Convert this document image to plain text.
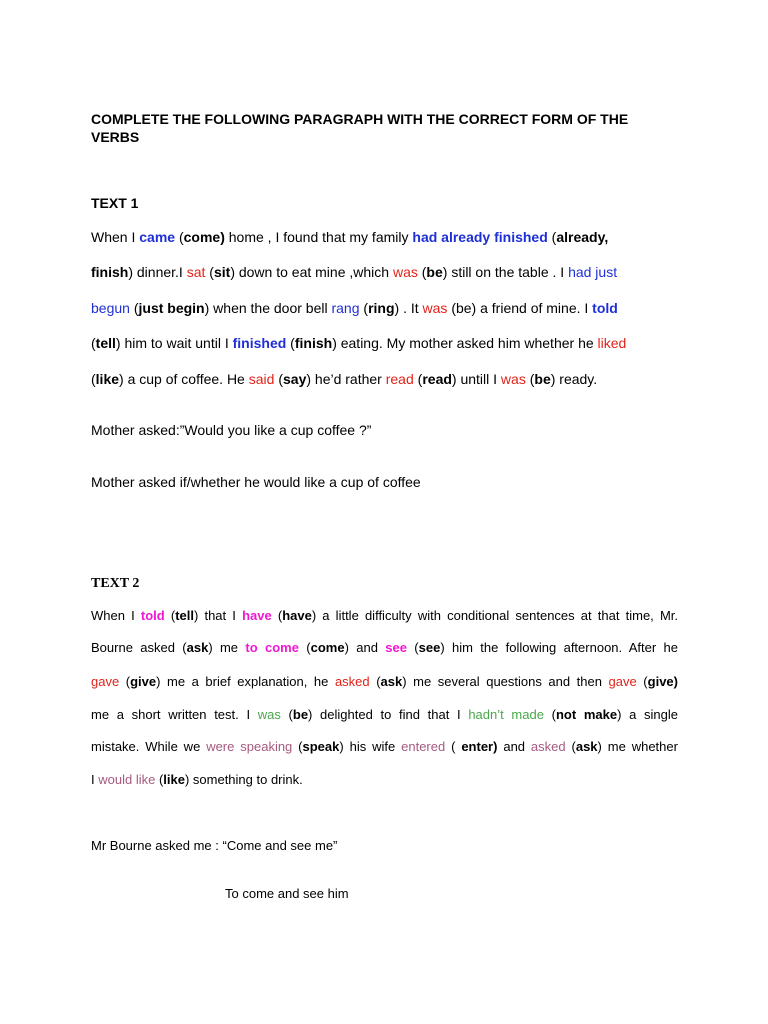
COMPLETE THE FOLLOWING PARAGRAPH WITH THE CORRECT FORM OF THE
VERBS
TEXT 1
When I came (come) home , I found that my family had already finished (already,
finish) dinner.I sat (sit) down to eat mine ,which was (be) still on the table . I had just
begun (just begin) when the door bell rang (ring) . It was (be) a friend of mine. I told
(tell) him to wait until I finished (finish) eating. My mother asked him whether he liked
(like) a cup of coffee. He said (say) he’d rather read (read) untill I was (be) ready.
Mother asked:”Would you like a cup coffee ?”
Mother asked if/whether he would like a cup of coffee
TEXT 2
When I told (tell) that I have (have) a little difficulty with conditional sentences at that time, Mr.
Bourne asked (ask) me to come (come) and see (see) him the following afternoon. After he
gave (give) me a brief explanation, he asked (ask) me several questions and then gave (give)
me a short written test. I was (be) delighted to find that I hadn’t made (not make) a single
mistake. While we were speaking (speak) his wife entered ( enter) and asked (ask) me whether
I would like (like) something to drink.
Mr Bourne asked me : “Come and see me”
To come and see him
